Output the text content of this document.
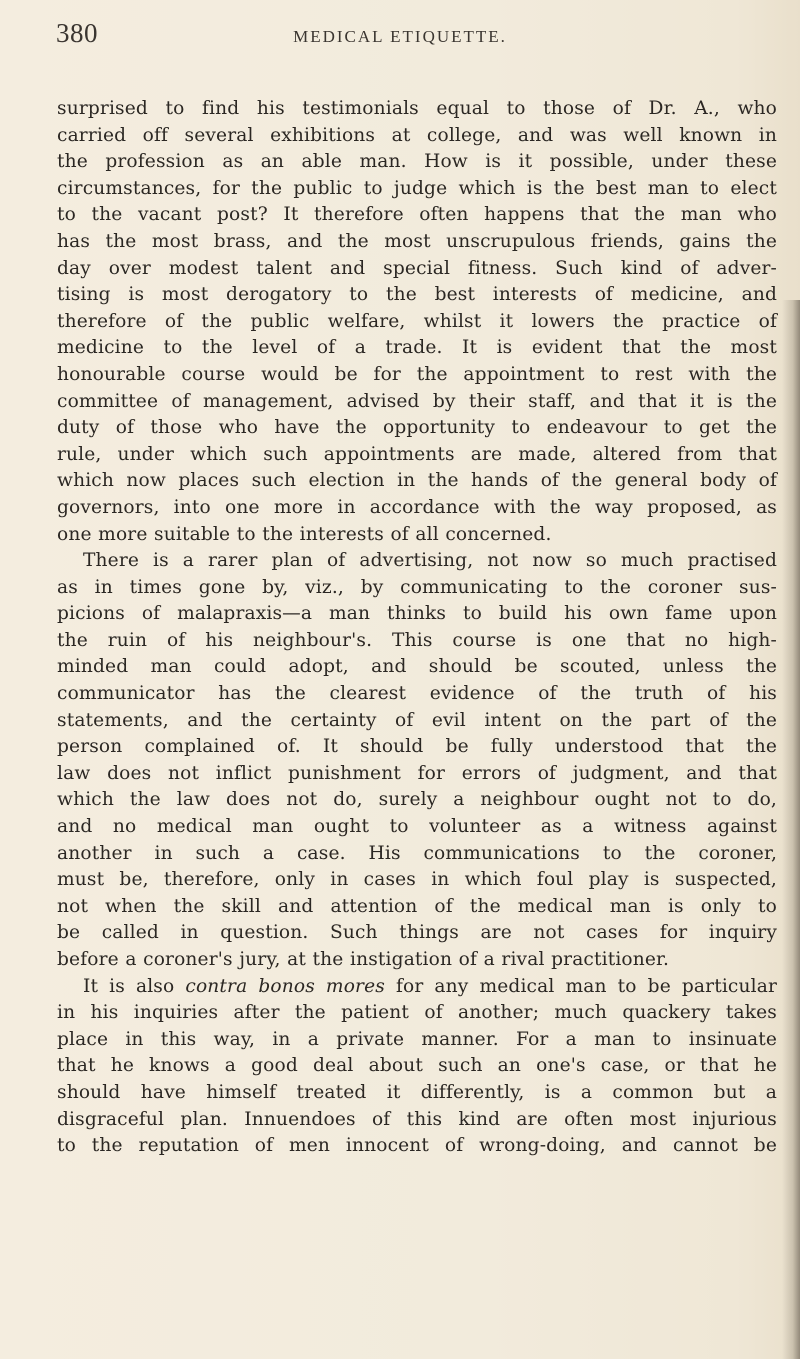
380	MEDICAL ETIQUETTE.
surprised to find his testimonials equal to those of Dr. A., who
carried off several exhibitions at college, and was well known in
the profession as an able man. How is it possible, under these
circumstances, for the public to judge which is the best man to elect
to the vacant post? It therefore often happens that the man who
has the most brass, and the most unscrupulous friends, gains the
day over modest talent and special fitness. Such kind of adver-
tising is most derogatory to the best interests of medicine, and
therefore of the public welfare, whilst it lowers the practice of
medicine to the level of a trade. It is evident that the most
honourable course would be for the appointment to rest with the
committee of management, advised by their staff, and that it is the
duty of those who have the opportunity to endeavour to get the
rule, under which such appointments are made, altered from that
which now places such election in the hands of the general body of
governors, into one more in accordance with the way proposed, as
one more suitable to the interests of all concerned.
There is a rarer plan of advertising, not now so much practised
as in times gone by, viz., by communicating to the coroner sus-
picions of malapraxis—a man thinks to build his own fame upon
the ruin of his neighbour's. This course is one that no high-
minded man could adopt, and should be scouted, unless the
communicator has the clearest evidence of the truth of his
statements, and the certainty of evil intent on the part of the
person complained of. It should be fully understood that the
law does not inflict punishment for errors of judgment, and that
which the law does not do, surely a neighbour ought not to do,
and no medical man ought to volunteer as a witness against
another in such a case. His communications to the coroner,
must be, therefore, only in cases in which foul play is suspected,
not when the skill and attention of the medical man is only to
be called in question. Such things are not cases for inquiry
before a coroner's jury, at the instigation of a rival practitioner.
It is also contra bonos mores for any medical man to be particular
in his inquiries after the patient of another; much quackery takes
place in this way, in a private manner. For a man to insinuate
that he knows a good deal about such an one's case, or that he
should have himself treated it differently, is a common but a
disgraceful plan. Innuendoes of this kind are often most injurious
to the reputation of men innocent of wrong-doing, and cannot be
